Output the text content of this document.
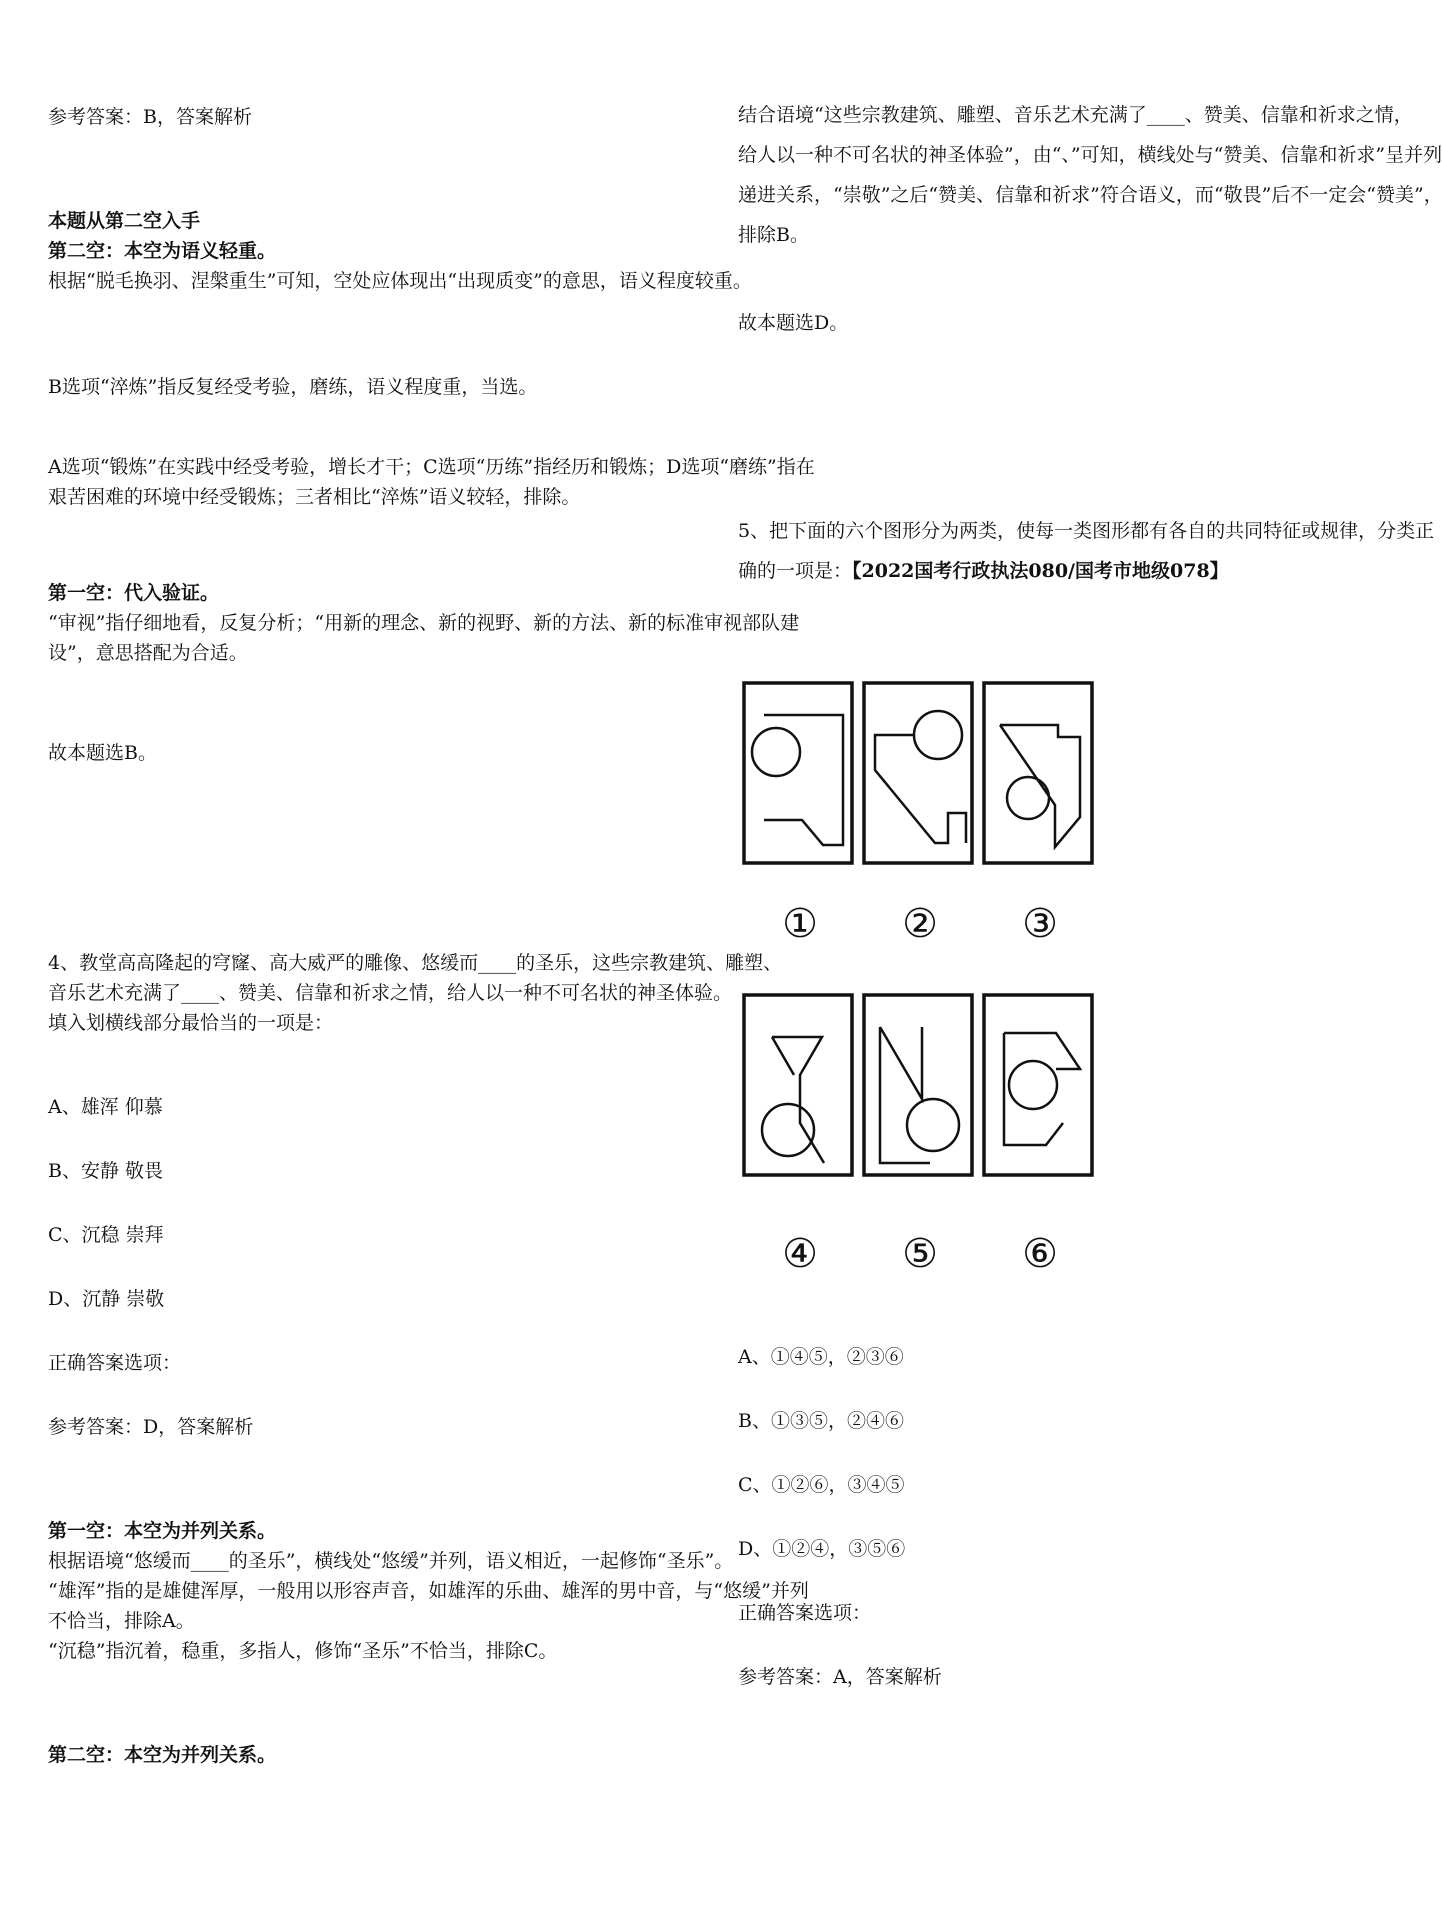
参考答案：B，答案解析
本题从第二空入手
第二空：本空为语义轻重。
根据“脱毛换羽、涅槃重生”可知，空处应体现出“出现质变”的意思，语义程度较重。
B选项“淬炼”指反复经受考验，磨练，语义程度重，当选。
A选项“锻炼”在实践中经受考验，增长才干；C选项“历练”指经历和锻炼；D选项“磨练”指在
艰苦困难的环境中经受锻炼；三者相比“淬炼”语义较轻，排除。
第一空：代入验证。
“审视”指仔细地看，反复分析；“用新的理念、新的视野、新的方法、新的标准审视部队建
设”，意思搭配为合适。
故本题选B。
4、教堂高高隆起的穹窿、高大威严的雕像、悠缓而____的圣乐，这些宗教建筑、雕塑、
音乐艺术充满了____、赞美、信靠和祈求之情，给人以一种不可名状的神圣体验。
填入划横线部分最恰当的一项是：
A、雄浑 仰慕
B、安静 敬畏
C、沉稳 崇拜
D、沉静 崇敬
正确答案选项：
参考答案：D，答案解析
第一空：本空为并列关系。
根据语境“悠缓而____的圣乐”，横线处“悠缓”并列，语义相近，一起修饰“圣乐”。
“雄浑”指的是雄健浑厚，一般用以形容声音，如雄浑的乐曲、雄浑的男中音，与“悠缓”并列
不恰当，排除A。
“沉稳”指沉着，稳重，多指人，修饰“圣乐”不恰当，排除C。
第二空：本空为并列关系。
结合语境“这些宗教建筑、雕塑、音乐艺术充满了____、赞美、信靠和祈求之情，
给人以一种不可名状的神圣体验”，由“、”可知，横线处与“赞美、信靠和祈求”呈并列
递进关系，“崇敬”之后“赞美、信靠和祈求”符合语义，而“敬畏”后不一定会“赞美”，
排除B。
故本题选D。
5、把下面的六个图形分为两类，使每一类图形都有各自的共同特征或规律，分类正
确的一项是：【2022国考行政执法080/国考市地级078】
A、①④⑤，②③⑥
B、①③⑤，②④⑥
C、①②⑥，③④⑤
D、①②④，③⑤⑥
正确答案选项：
参考答案：A，答案解析
① ② ③
④ ⑤ ⑥
